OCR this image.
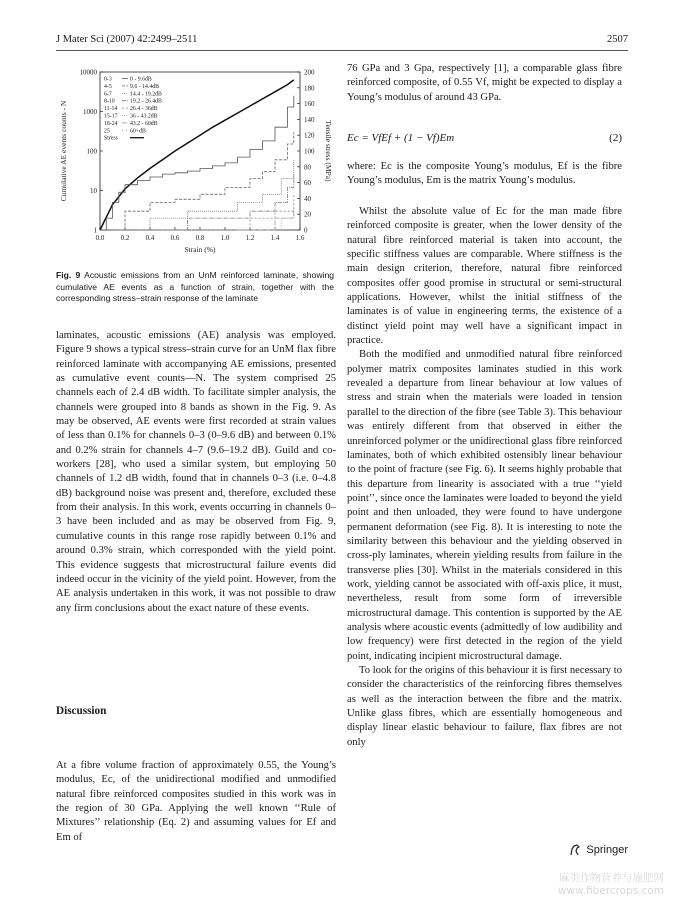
J Mater Sci (2007) 42:2499–2511	2507
0.0 0.2 0.4 0.6 0.8 1.0 1.2 1.4 1.6
1
10
100
1000
10000
0
20
40
60
80
100
120
140
160
180
200
Strain (%)
Cumulative AE events counts - N	Tensile stress (MPa)
0-3	0 - 9.6dB
4-5	9.6 - 14.4dB
6-7	14.4 - 19.2dB
8-10	19.2 - 26.4dB
11-14 26.4 - 36dB
15-17 36 - 43.2dB
18-24 43.2 - 60dB
25	60+dB
Stress
Fig. 9 Acoustic emissions from an UnM reinforced laminate, showing cumulative AE events as a function of strain, together with the corresponding stress–strain response of the laminate

laminates, acoustic emissions (AE) analysis was employed. Figure 9 shows a typical stress–strain curve for an UnM flax fibre reinforced laminate with accompanying AE emissions, presented as cumulative event counts—N. The system comprised 25 channels each of 2.4 dB width. To facilitate simpler analysis, the channels were grouped into 8 bands as shown in the Fig. 9. As may be observed, AE events were first recorded at strain values of less than 0.1% for channels 0–3 (0–9.6 dB) and between 0.1% and 0.2% strain for channels 4–7 (9.6–19.2 dB). Guild and co-workers [28], who used a similar system, but employing 50 channels of 1.2 dB width, found that in channels 0–3 (i.e. 0–4.8 dB) background noise was present and, therefore, excluded these from their analysis. In this work, events occurring in channels 0–3 have been included and as may be observed from Fig. 9, cumulative counts in this range rose rapidly between 0.1% and around 0.3% strain, which corresponded with the yield point. This evidence suggests that microstructural failure events did indeed occur in the vicinity of the yield point. However, from the AE analysis undertaken in this work, it was not possible to draw any firm conclusions about the exact nature of these events.

Discussion

At a fibre volume fraction of approximately 0.55, the Young’s modulus, Ec, of the unidirectional modified and unmodified natural fibre reinforced composites studied in this work was in the region of 30 GPa. Applying the well known ‘‘Rule of Mixtures’’ relationship (Eq. 2) and assuming values for Ef and Em of

76 GPa and 3 Gpa, respectively [1], a comparable glass fibre reinforced composite, of 0.55 Vf, might be expected to display a Young’s modulus of around 43 GPa.

Ec = VfEf + (1 − Vf)Em	(2)

where: Ec is the composite Young’s modulus, Ef is the fibre Young’s modulus, Em is the matrix Young’s modulus.

Whilst the absolute value of Ec for the man made fibre reinforced composite is greater, when the lower density of the natural fibre reinforced material is taken into account, the specific stiffness values are comparable. Where stiffness is the main design criterion, therefore, natural fibre reinforced composites offer good promise in structural or semi-structural applications. However, whilst the initial stiffness of the laminates is of value in engineering terms, the existence of a distinct yield point may well have a significant impact in practice.

Both the modified and unmodified natural fibre reinforced polymer matrix composites laminates studied in this work revealed a departure from linear behaviour at low values of stress and strain when the materials were loaded in tension parallel to the direction of the fibre (see Table 3). This behaviour was entirely different from that observed in either the unreinforced polymer or the unidirectional glass fibre reinforced laminates, both of which exhibited ostensibly linear behaviour to the point of fracture (see Fig. 6). It seems highly probable that this departure from linearity is associated with a true ‘‘yield point’’, since once the laminates were loaded to beyond the yield point and then unloaded, they were found to have undergone permanent deformation (see Fig. 8). It is interesting to note the similarity between this behaviour and the yielding observed in cross-ply laminates, wherein yielding results from failure in the transverse plies [30]. Whilst in the materials considered in this work, yielding cannot be associated with off-axis plice, it must, nevertheless, result from some form of irreversible microstructural damage. This contention is supported by the AE analysis where acoustic events (admittedly of low audibility and low frequency) were first detected in the region of the yield point, indicating incipient microstructural damage.

To look for the origins of this behaviour it is first necessary to consider the characteristics of the reinforcing fibres themselves as well as the interaction between the fibre and the matrix. Unlike glass fibres, which are essentially homogeneous and display linear elastic behaviour to failure, flax fibres are not only

Springer
麻类作物营养与施肥网
www.fibercrops.com
